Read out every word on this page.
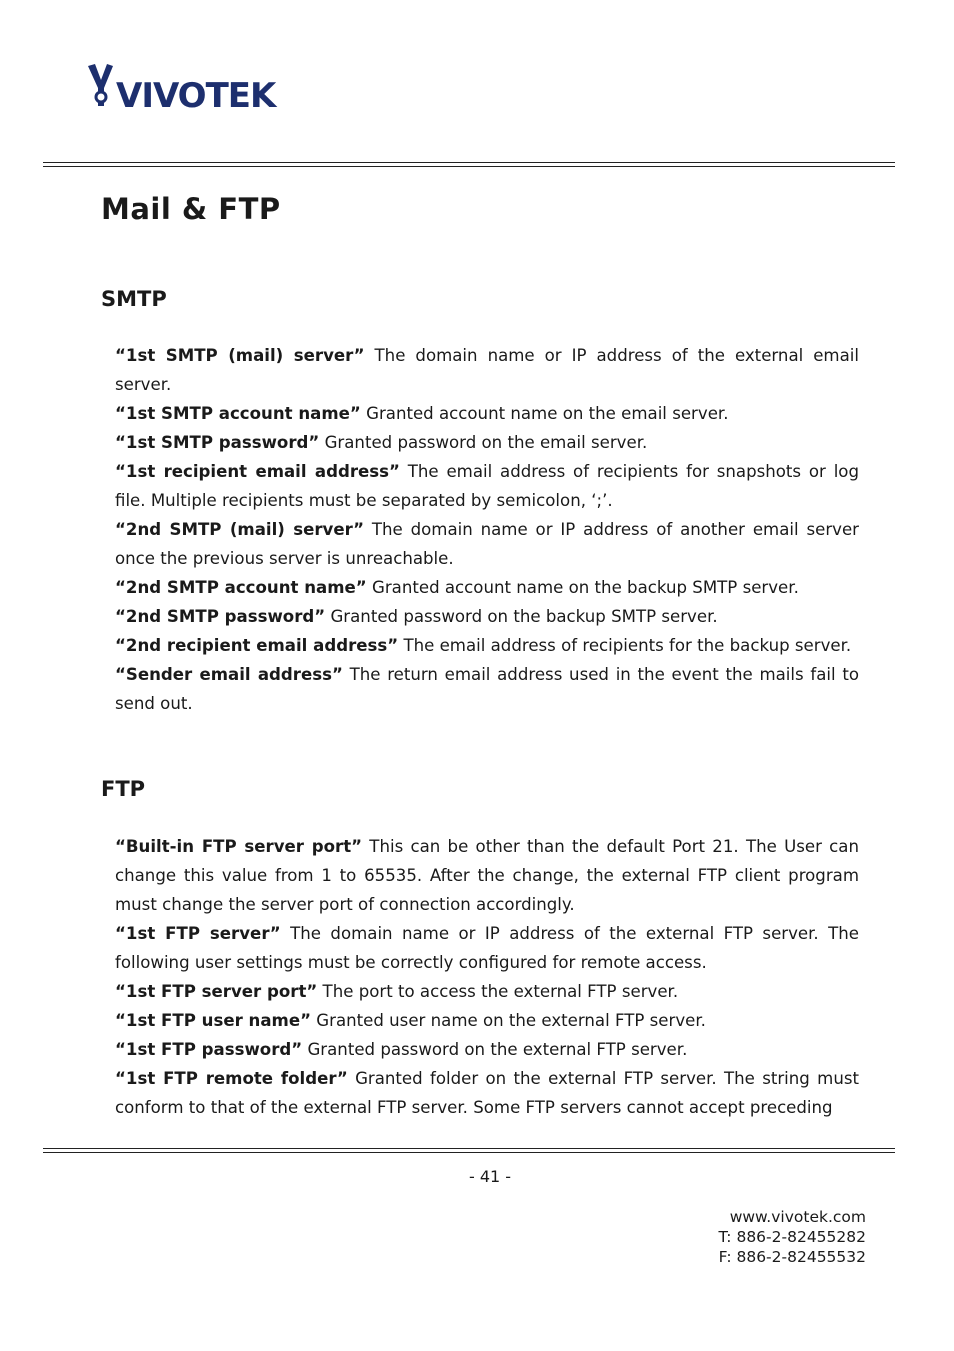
VIVOTEK
Mail & FTP
SMTP

“1st SMTP (mail) server” The domain name or IP address of the external email server.

“1st SMTP account name” Granted account name on the email server.

“1st SMTP password” Granted password on the email server.

“1st recipient email address” The email address of recipients for snapshots or log file. Multiple recipients must be separated by semicolon, ‘;’.

“2nd SMTP (mail) server” The domain name or IP address of another email server once the previous server is unreachable.

“2nd SMTP account name” Granted account name on the backup SMTP server.

“2nd SMTP password” Granted password on the backup SMTP server.

“2nd recipient email address” The email address of recipients for the backup server.

“Sender email address” The return email address used in the event the mails fail to send out.

FTP

“Built-in FTP server port” This can be other than the default Port 21. The User can change this value from 1 to 65535. After the change, the external FTP client program must change the server port of connection accordingly.

“1st FTP server” The domain name or IP address of the external FTP server. The following user settings must be correctly configured for remote access.

“1st FTP server port” The port to access the external FTP server.

“1st FTP user name” Granted user name on the external FTP server.

“1st FTP password” Granted password on the external FTP server.

“1st FTP remote folder” Granted folder on the external FTP server. The string must conform to that of the external FTP server. Some FTP servers cannot accept preceding

- 41 -
www.vivotek.com
T: 886-2-82455282
F: 886-2-82455532
